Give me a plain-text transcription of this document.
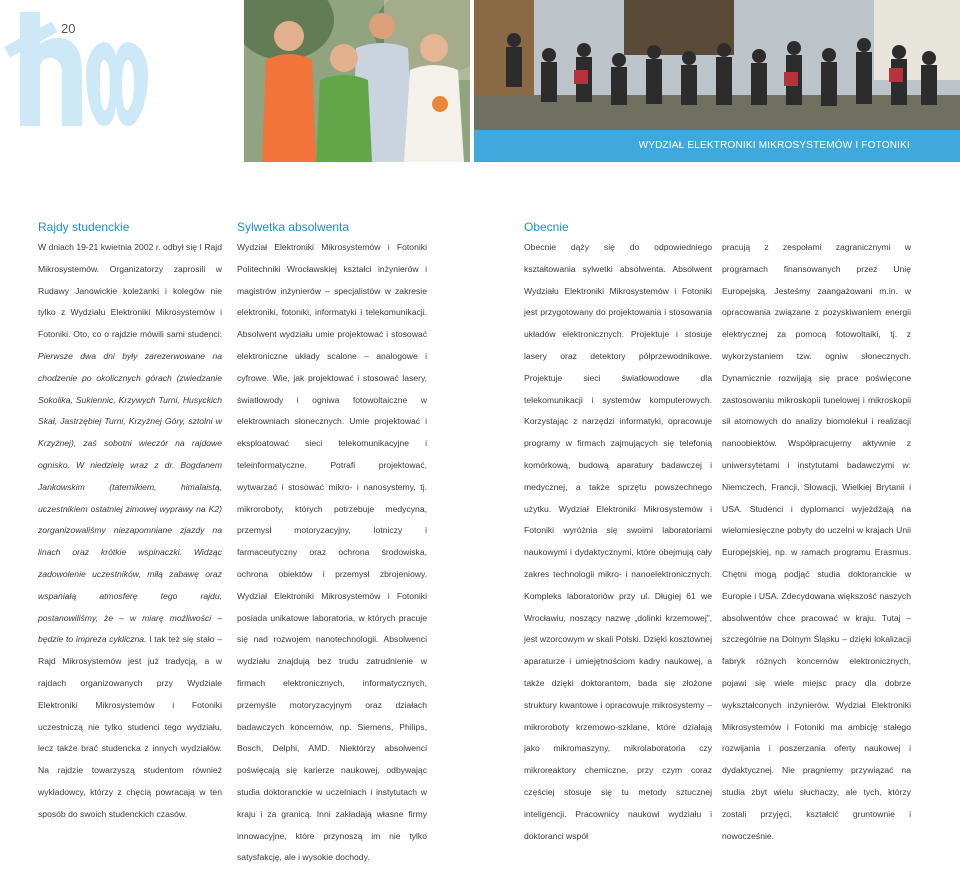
20
WYDZIAŁ ELEKTRONIKI MIKROSYSTEMÓW I FOTONIKI
Rajdy studenckie

W dniach 19-21 kwietnia 2002 r. odbył się I Rajd Mikrosystemów. Organizatorzy zaprosili w Rudawy Janowickie koleżanki i kolegów nie tylko z Wydziału Elektroniki Mikrosystemów i Fotoniki. Oto, co o rajdzie mówili sami studenci: Pierwsze dwa dni były zarezerwowane na chodzenie po okolicznych górach (zwiedzanie Sokolika, Sukiennic, Krzywych Turni, Husyckich Skał, Jastrzębiej Turni, Krzyżnej Góry, sztolni w Krzyżnej), zaś sobotni wieczór na rajdowe ognisko. W niedzielę wraz z dr. Bogdanem Jankowskim (taternikiem, himalaistą, uczestnikiem ostatniej zimowej wyprawy na K2) zorganizowaliśmy niezapomniane zjazdy na linach oraz krótkie wspinaczki. Widząc zadowolenie uczestników, miłą zabawę oraz wspaniałą atmosferę tego rajdu, postanowiliśmy, że – w miarę możliwości – będzie to impreza cykliczna. I tak też się stało – Rajd Mikrosystemów jest już tradycją, a w rajdach organizowanych przy Wydziale Elektroniki Mikrosystemów i Fotoniki uczestniczą nie tylko studenci tego wydziału, lecz także brać studencka z innych wydziałów. Na rajdzie towarzyszą studentom również wykładowcy, którzy z chęcią powracają w ten sposób do swoich studenckich czasów.

Sylwetka absolwenta

Wydział Elektroniki Mikrosystemów i Fotoniki Politechniki Wrocławskiej kształci inżynierów i magistrów inżynierów – specjalistów w zakresie elektroniki, fotoniki, informatyki i telekomunikacji. Absolwent wydziału umie projektować i stosować elektroniczne układy scalone – analogowe i cyfrowe. Wie, jak projektować i stosować lasery, światłowody i ogniwa fotowoltaiczne w elektrowniach słonecznych. Umie projektować i eksploatować sieci telekomunikacyjne i teleinformatyczne. Potrafi projektować, wytwarzać i stosować mikro- i nanosystemy, tj. mikroroboty, których potrzebuje medycyna, przemysł motoryzacyjny, lotniczy i farmaceutyczny oraz ochrona środowiska, ochrona obiektów i przemysł zbrojeniowy. Wydział Elektroniki Mikrosystemów i Fotoniki posiada unikatowe laboratoria, w których pracuje się nad rozwojem nanotechnologii. Absolwenci wydziału znajdują bez trudu zatrudnienie w firmach elektronicznych, informatycznych, przemyśle motoryzacyjnym oraz działach badawczych koncernów, np. Siemens, Philips, Bosch, Delphi, AMD. Niektórzy absolwenci poświęcają się karierze naukowej, odbywając studia doktoranckie w uczelniach i instytutach w kraju i za granicą. Inni zakładają własne firmy innowacyjne, które przynoszą im nie tylko satysfakcję, ale i wysokie dochody.

Obecnie

Obecnie dąży się do odpowiedniego kształtowania sylwetki absolwenta. Absolwent Wydziału Elektroniki Mikrosystemów i Fotoniki jest przygotowany do projektowania i stosowania układów elektronicznych. Projektuje i stosuje lasery oraz detektory półprzewodnikowe. Projektuje sieci światłowodowe dla telekomunikacji i systemów komputerowych. Korzystając z narzędzi informatyki, opracowuje programy w firmach zajmujących się telefonią komórkową, budową aparatury badawczej i medycznej, a także sprzętu powszechnego użytku. Wydział Elektroniki Mikrosystemów i Fotoniki wyróżnia się swoimi laboratoriami naukowymi i dydaktycznymi, które obejmują cały zakres technologii mikro- i nanoelektronicznych. Kompleks laboratoriów przy ul. Długiej 61 we Wrocławiu, noszący nazwę „dolinki krzemowej”, jest wzorcowym w skali Polski. Dzięki kosztownej aparaturze i umiejętnościom kadry naukowej, a także dzięki doktorantom, bada się złożone struktury kwantowe i opracowuje mikrosystemy – mikroroboty krzemowo-szklane, które działają jako mikromaszyny, mikrolaboratoria czy mikroreaktory chemiczne, przy czym coraz częściej stosuje się tu metody sztucznej inteligencji. Pracownicy naukowi wydziału i doktoranci współ

pracują z zespołami zagranicznymi w programach finansowanych przez Unię Europejską. Jesteśmy zaangażowani m.in. w opracowania związane z pozyskiwaniem energii elektrycznej za pomocą fotowoltaiki, tj. z wykorzystaniem tzw. ogniw słonecznych. Dynamicznie rozwijają się prace poświęcone zastosowaniu mikroskopii tunelowej i mikroskopii sił atomowych do analizy biomolekuł i realizacji nanoobiektów. Współpracujemy aktywnie z uniwersytetami i instytutami badawczymi w: Niemczech, Francji, Słowacji, Wielkiej Brytanii i USA. Studenci i dyplomanci wyjeżdżają na wielomiesięczne pobyty do uczelni w krajach Unii Europejskiej, np. w ramach programu Erasmus. Chętni mogą podjąć studia doktoranckie w Europie i USA. Zdecydowana większość naszych absolwentów chce pracować w kraju. Tutaj – szczególnie na Dolnym Śląsku – dzięki lokalizacji fabryk różnych koncernów elektronicznych, pojawi się wiele miejsc pracy dla dobrze wykształconych inżynierów. Wydział Elektroniki Mikrosystemów i Fotoniki ma ambicję stałego rozwijania i poszerzania oferty naukowej i dydaktycznej. Nie pragniemy przywiązać na studia zbyt wielu słuchaczy, ale tych, którzy zostali przyjęci, kształcić gruntownie i nowocześnie.
